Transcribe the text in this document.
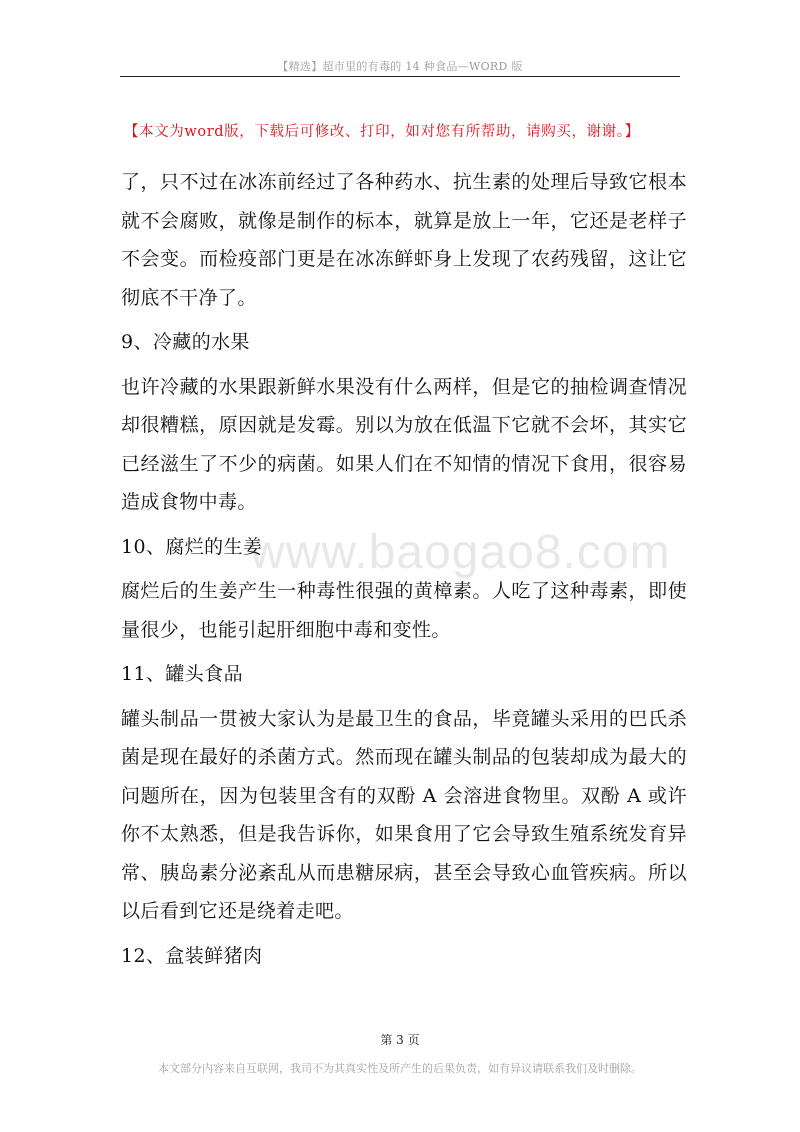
【精选】超市里的有毒的 14 种食品—WORD 版
【本文为word版，下载后可修改、打印，如对您有所帮助，请购买，谢谢。】
www.baogao8.com

了，只不过在冰冻前经过了各种药水、抗生素的处理后导致它根本就不会腐败，就像是制作的标本，就算是放上一年，它还是老样子不会变。而检疫部门更是在冰冻鲜虾身上发现了农药残留，这让它彻底不干净了。

9、冷藏的水果

也许冷藏的水果跟新鲜水果没有什么两样，但是它的抽检调查情况却很糟糕，原因就是发霉。别以为放在低温下它就不会坏，其实它已经滋生了不少的病菌。如果人们在不知情的情况下食用，很容易造成食物中毒。

10、腐烂的生姜

腐烂后的生姜产生一种毒性很强的黄樟素。人吃了这种毒素，即使量很少，也能引起肝细胞中毒和变性。

11、罐头食品

罐头制品一贯被大家认为是最卫生的食品，毕竟罐头采用的巴氏杀菌是现在最好的杀菌方式。然而现在罐头制品的包装却成为最大的问题所在，因为包装里含有的双酚 A 会溶进食物里。双酚 A 或许你不太熟悉，但是我告诉你，如果食用了它会导致生殖系统发育异常、胰岛素分泌紊乱从而患糖尿病，甚至会导致心血管疾病。所以以后看到它还是绕着走吧。

12、盒装鲜猪肉

第 3 页
本文部分内容来自互联网，我司不为其真实性及所产生的后果负责，如有异议请联系我们及时删除。
